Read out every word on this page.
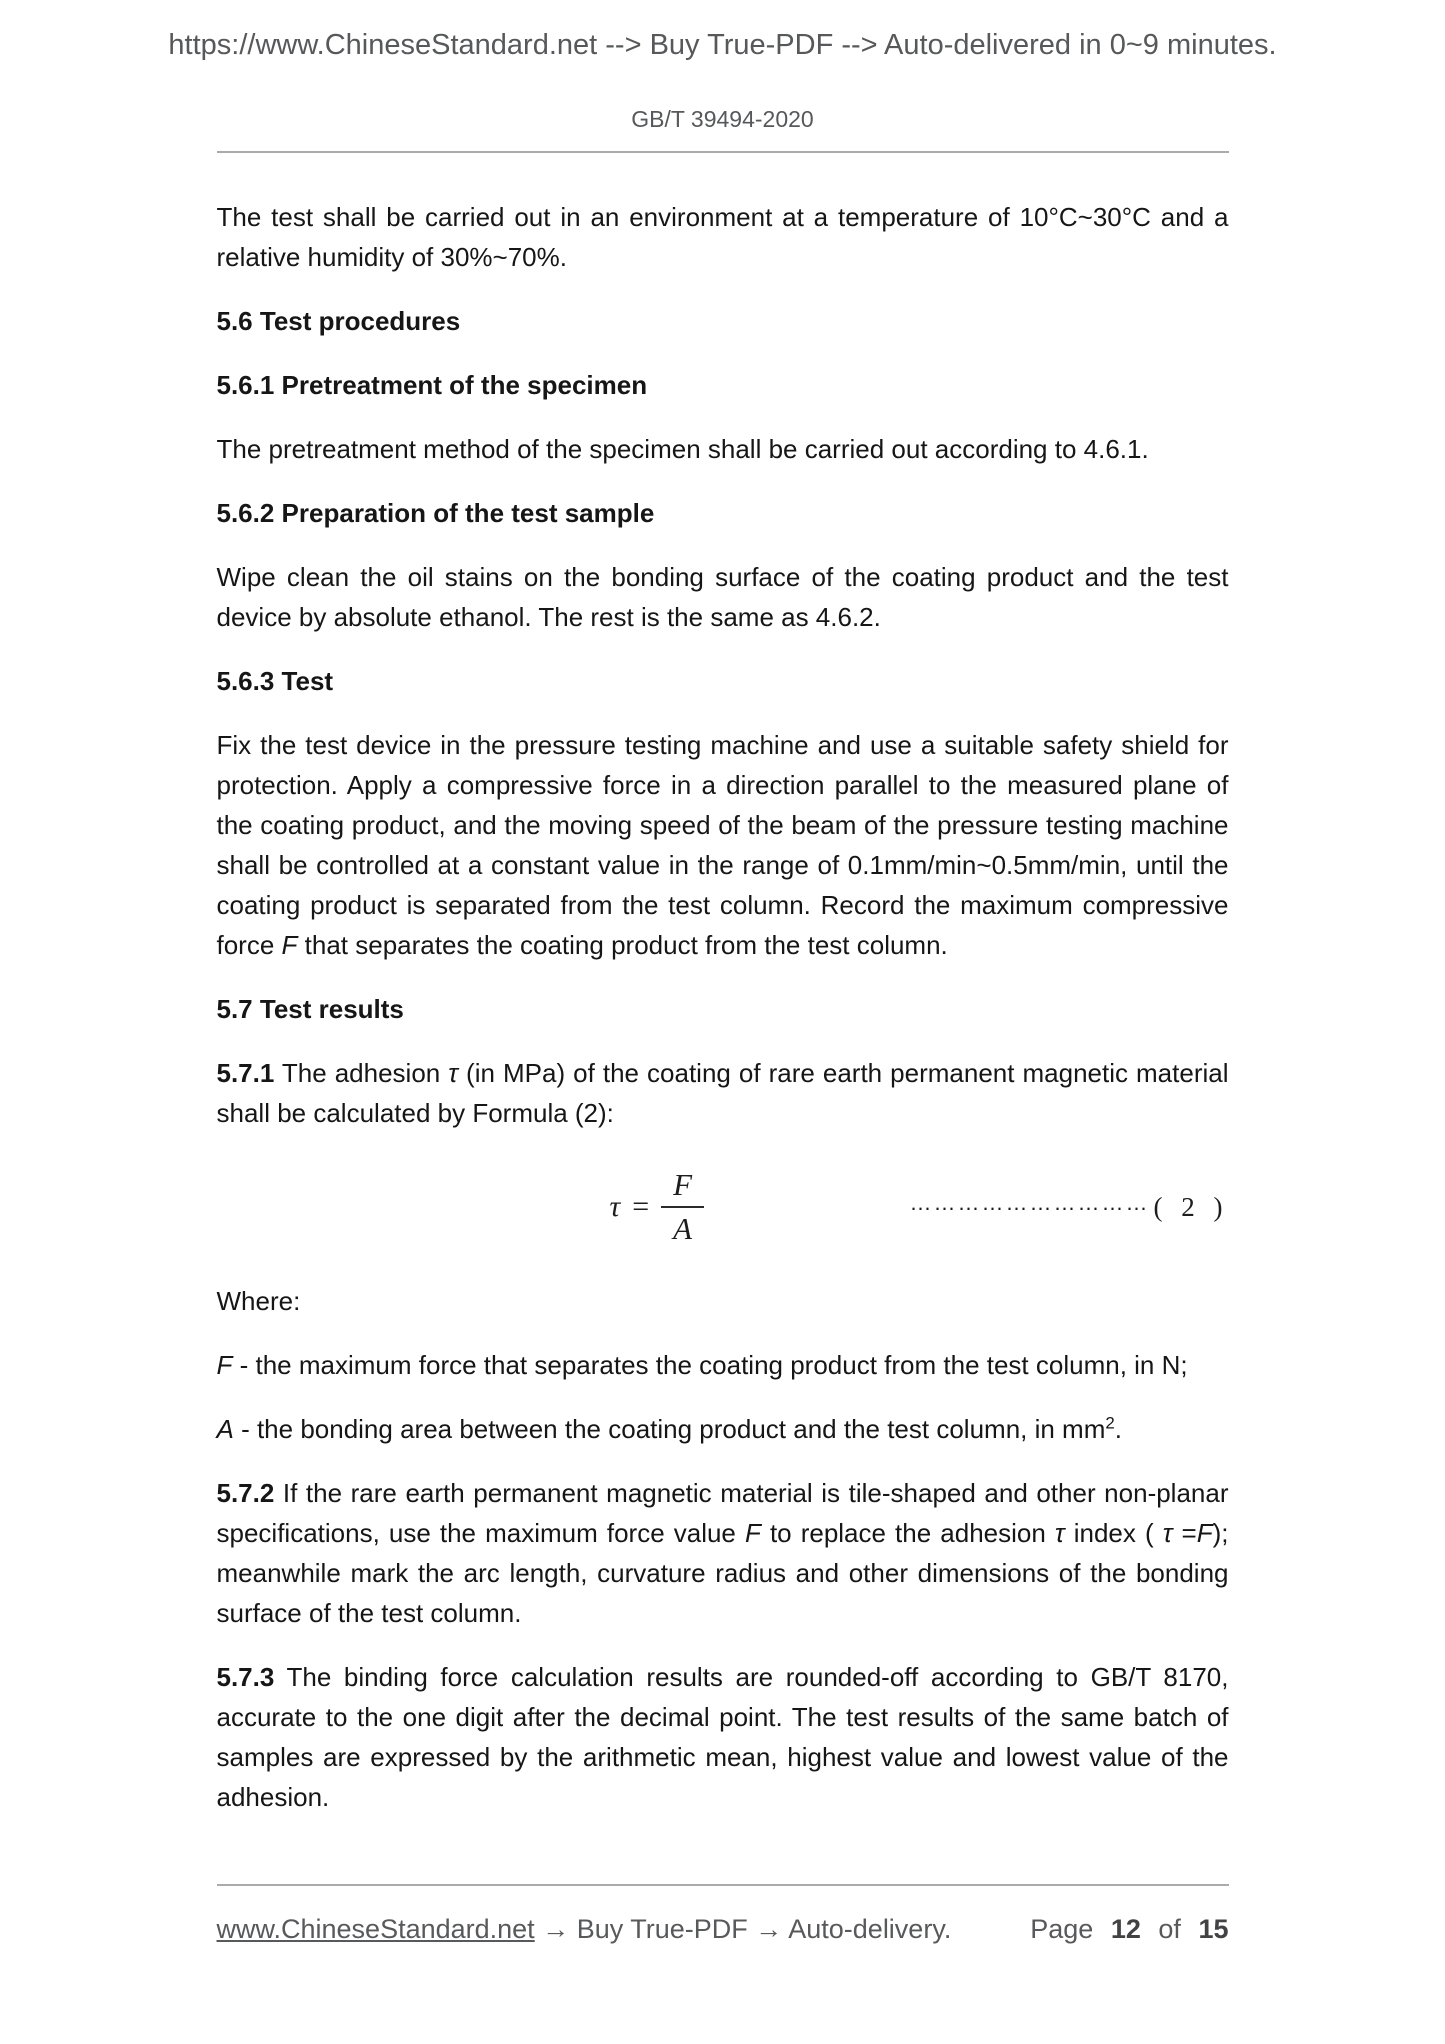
https://www.ChineseStandard.net --> Buy True-PDF --> Auto-delivered in 0~9 minutes.
GB/T 39494-2020

The test shall be carried out in an environment at a temperature of 10°C~30°C and a relative humidity of 30%~70%.

5.6 Test procedures
5.6.1 Pretreatment of the specimen

The pretreatment method of the specimen shall be carried out according to 4.6.1.

5.6.2 Preparation of the test sample

Wipe clean the oil stains on the bonding surface of the coating product and the test device by absolute ethanol. The rest is the same as 4.6.2.

5.6.3 Test

Fix the test device in the pressure testing machine and use a suitable safety shield for protection. Apply a compressive force in a direction parallel to the measured plane of the coating product, and the moving speed of the beam of the pressure testing machine shall be controlled at a constant value in the range of 0.1mm/min~0.5mm/min, until the coating product is separated from the test column. Record the maximum compressive force F that separates the coating product from the test column.

5.7 Test results

5.7.1 The adhesion τ (in MPa) of the coating of rare earth permanent magnetic material shall be calculated by Formula (2):

$\tau = \frac{F}{A}$	………………………… ( 2 )

Where:

F - the maximum force that separates the coating product from the test column, in N;

A - the bonding area between the coating product and the test column, in $mm^2$.

5.7.2 If the rare earth permanent magnetic material is tile-shaped and other non-planar specifications, use the maximum force value F to replace the adhesion τ index ( τ =F); meanwhile mark the arc length, curvature radius and other dimensions of the bonding surface of the test column.

5.7.3 The binding force calculation results are rounded-off according to GB/T 8170, accurate to the one digit after the decimal point. The test results of the same batch of samples are expressed by the arithmetic mean, highest value and lowest value of the adhesion.

www.ChineseStandard.net → Buy True-PDF → Auto-delivery.	Page 12 of 15
